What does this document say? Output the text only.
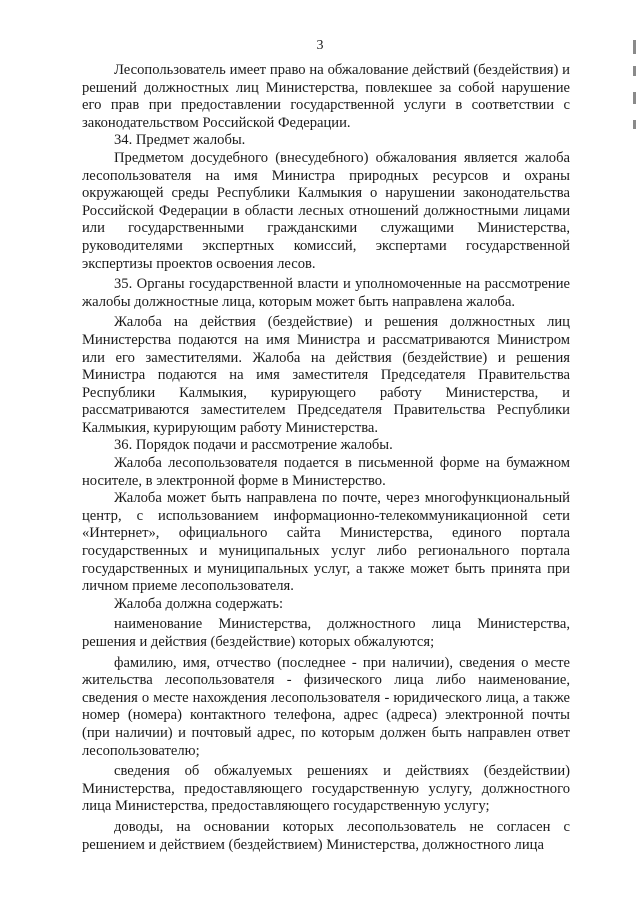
3

Лесопользователь имеет право на обжалование действий (бездействия) и решений должностных лиц Министерства, повлекшее за собой нарушение его прав при предоставлении государственной услуги в соответствии с законодательством Российской Федерации.

34. Предмет жалобы.

Предметом досудебного (внесудебного) обжалования является жалоба лесопользователя на имя Министра природных ресурсов и охраны окружающей среды Республики Калмыкия о нарушении законодательства Российской Федерации в области лесных отношений должностными лицами или государственными гражданскими служащими Министерства, руководителями экспертных комиссий, экспертами государственной экспертизы проектов освоения лесов.

35. Органы государственной власти и уполномоченные на рассмотрение жалобы должностные лица, которым может быть направлена жалоба.

Жалоба на действия (бездействие) и решения должностных лиц Министерства подаются на имя Министра и рассматриваются Министром или его заместителями. Жалоба на действия (бездействие) и решения Министра подаются на имя заместителя Председателя Правительства Республики Калмыкия, курирующего работу Министерства, и рассматриваются заместителем Председателя Правительства Республики Калмыкия, курирующим работу Министерства.

36. Порядок подачи и рассмотрение жалобы.

Жалоба лесопользователя подается в письменной форме на бумажном носителе, в электронной форме в Министерство.

Жалоба может быть направлена по почте, через многофункциональный центр, с использованием информационно-телекоммуникационной сети «Интернет», официального сайта Министерства, единого портала государственных и муниципальных услуг либо регионального портала государственных и муниципальных услуг, а также может быть принята при личном приеме лесопользователя.

Жалоба должна содержать:

наименование Министерства, должностного лица Министерства, решения и действия (бездействие) которых обжалуются;

фамилию, имя, отчество (последнее - при наличии), сведения о месте жительства лесопользователя - физического лица либо наименование, сведения о месте нахождения лесопользователя - юридического лица, а также номер (номера) контактного телефона, адрес (адреса) электронной почты (при наличии) и почтовый адрес, по которым должен быть направлен ответ лесопользователю;

сведения об обжалуемых решениях и действиях (бездействии) Министерства, предоставляющего государственную услугу, должностного лица Министерства, предоставляющего государственную услугу;

доводы, на основании которых лесопользователь не согласен с решением и действием (бездействием) Министерства, должностного лица
